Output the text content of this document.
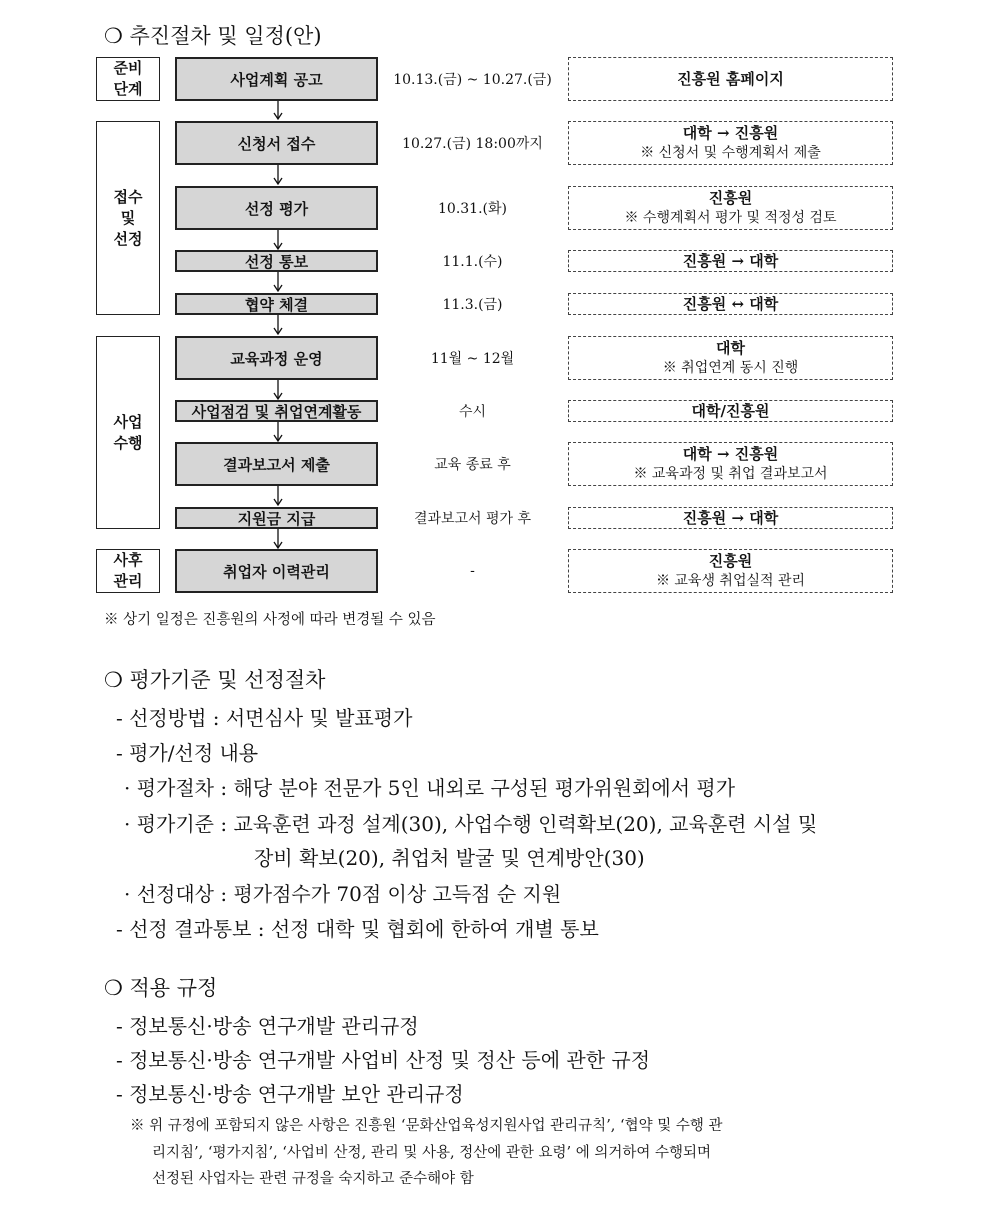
❍ 추진절차 및 일정(안)
준비
단계
접수
및
선정
사업
수행
사후
관리
사업계획 공고
신청서 접수
선정 평가
선정 통보
협약 체결
교육과정 운영
사업점검 및 취업연계활동
결과보고서 제출
지원금 지급
취업자 이력관리
10.13.(금) ~ 10.27.(금)
10.27.(금) 18:00까지
10.31.(화)
11.1.(수)
11.3.(금)
11월 ~ 12월
수시
교육 종료 후
결과보고서 평가 후
-
진흥원 홈페이지
대학 → 진흥원
※ 신청서 및 수행계획서 제출
진흥원
※ 수행계획서 평가 및 적정성 검토
진흥원 → 대학
진흥원 ↔ 대학
대학
※ 취업연계 동시 진행
대학/진흥원
대학 → 진흥원
※ 교육과정 및 취업 결과보고서
진흥원 → 대학
진흥원
※ 교육생 취업실적 관리
※ 상기 일정은 진흥원의 사정에 따라 변경될 수 있음
❍ 평가기준 및 선정절차
- 선정방법 : 서면심사 및 발표평가
- 평가/선정 내용
· 평가절차 : 해당 분야 전문가 5인 내외로 구성된 평가위원회에서 평가
· 평가기준 : 교육훈련 과정 설계(30), 사업수행 인력확보(20), 교육훈련 시설 및
장비 확보(20), 취업처 발굴 및 연계방안(30)
· 선정대상 : 평가점수가 70점 이상 고득점 순 지원
- 선정 결과통보 : 선정 대학 및 협회에 한하여 개별 통보
❍ 적용 규정
- 정보통신·방송 연구개발 관리규정
- 정보통신·방송 연구개발 사업비 산정 및 정산 등에 관한 규정
- 정보통신·방송 연구개발 보안 관리규정
※ 위 규정에 포함되지 않은 사항은 진흥원 ‘문화산업육성지원사업 관리규칙’, ‘협약 및 수행 관
리지침’, ‘평가지침’, ‘사업비 산정, 관리 및 사용, 정산에 관한 요령’ 에 의거하여 수행되며
선정된 사업자는 관련 규정을 숙지하고 준수해야 함
